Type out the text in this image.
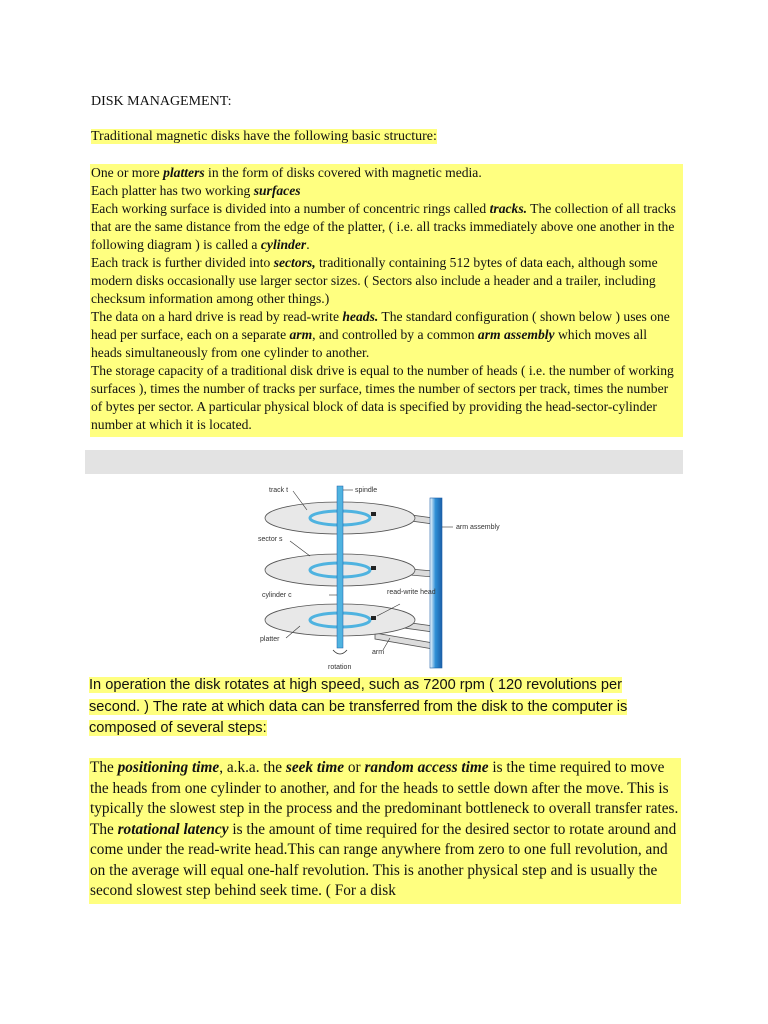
DISK MANAGEMENT:
Traditional magnetic disks have the following basic structure:

One or more platters in the form of disks covered with magnetic media.

Each platter has two working surfaces

Each working surface is divided into a number of concentric rings called tracks. The collection of all tracks that are the same distance from the edge of the platter, ( i.e. all tracks immediately above one another in the following diagram ) is called a cylinder.

Each track is further divided into sectors, traditionally containing 512 bytes of data each, although some modern disks occasionally use larger sector sizes. ( Sectors also include a header and a trailer, including checksum information among other things.)

The data on a hard drive is read by read-write heads. The standard configuration ( shown below ) uses one head per surface, each on a separate arm, and controlled by a common arm assembly which moves all heads simultaneously from one cylinder to another.

The storage capacity of a traditional disk drive is equal to the number of heads ( i.e. the number of working surfaces ), times the number of tracks per surface, times the number of sectors per track, times the number of bytes per sector. A particular physical block of data is specified by providing the head-sector-cylinder number at which it is located.

track t	spindle
arm assembly
sector s
cylinder c	read-write head
platter
arm
rotation
In operation the disk rotates at high speed, such as 7200 rpm ( 120 revolutions per
second. ) The rate at which data can be transferred from the disk to the computer is
composed of several steps:

The positioning time, a.k.a. the seek time or random access time is the time required to move the heads from one cylinder to another, and for the heads to settle down after the move. This is typically the slowest step in the process and the predominant bottleneck to overall transfer rates.

The rotational latency is the amount of time required for the desired sector to rotate around and come under the read-write head.This can range anywhere from zero to one full revolution, and on the average will equal one-half revolution. This is another physical step and is usually the second slowest step behind seek time. ( For a disk
